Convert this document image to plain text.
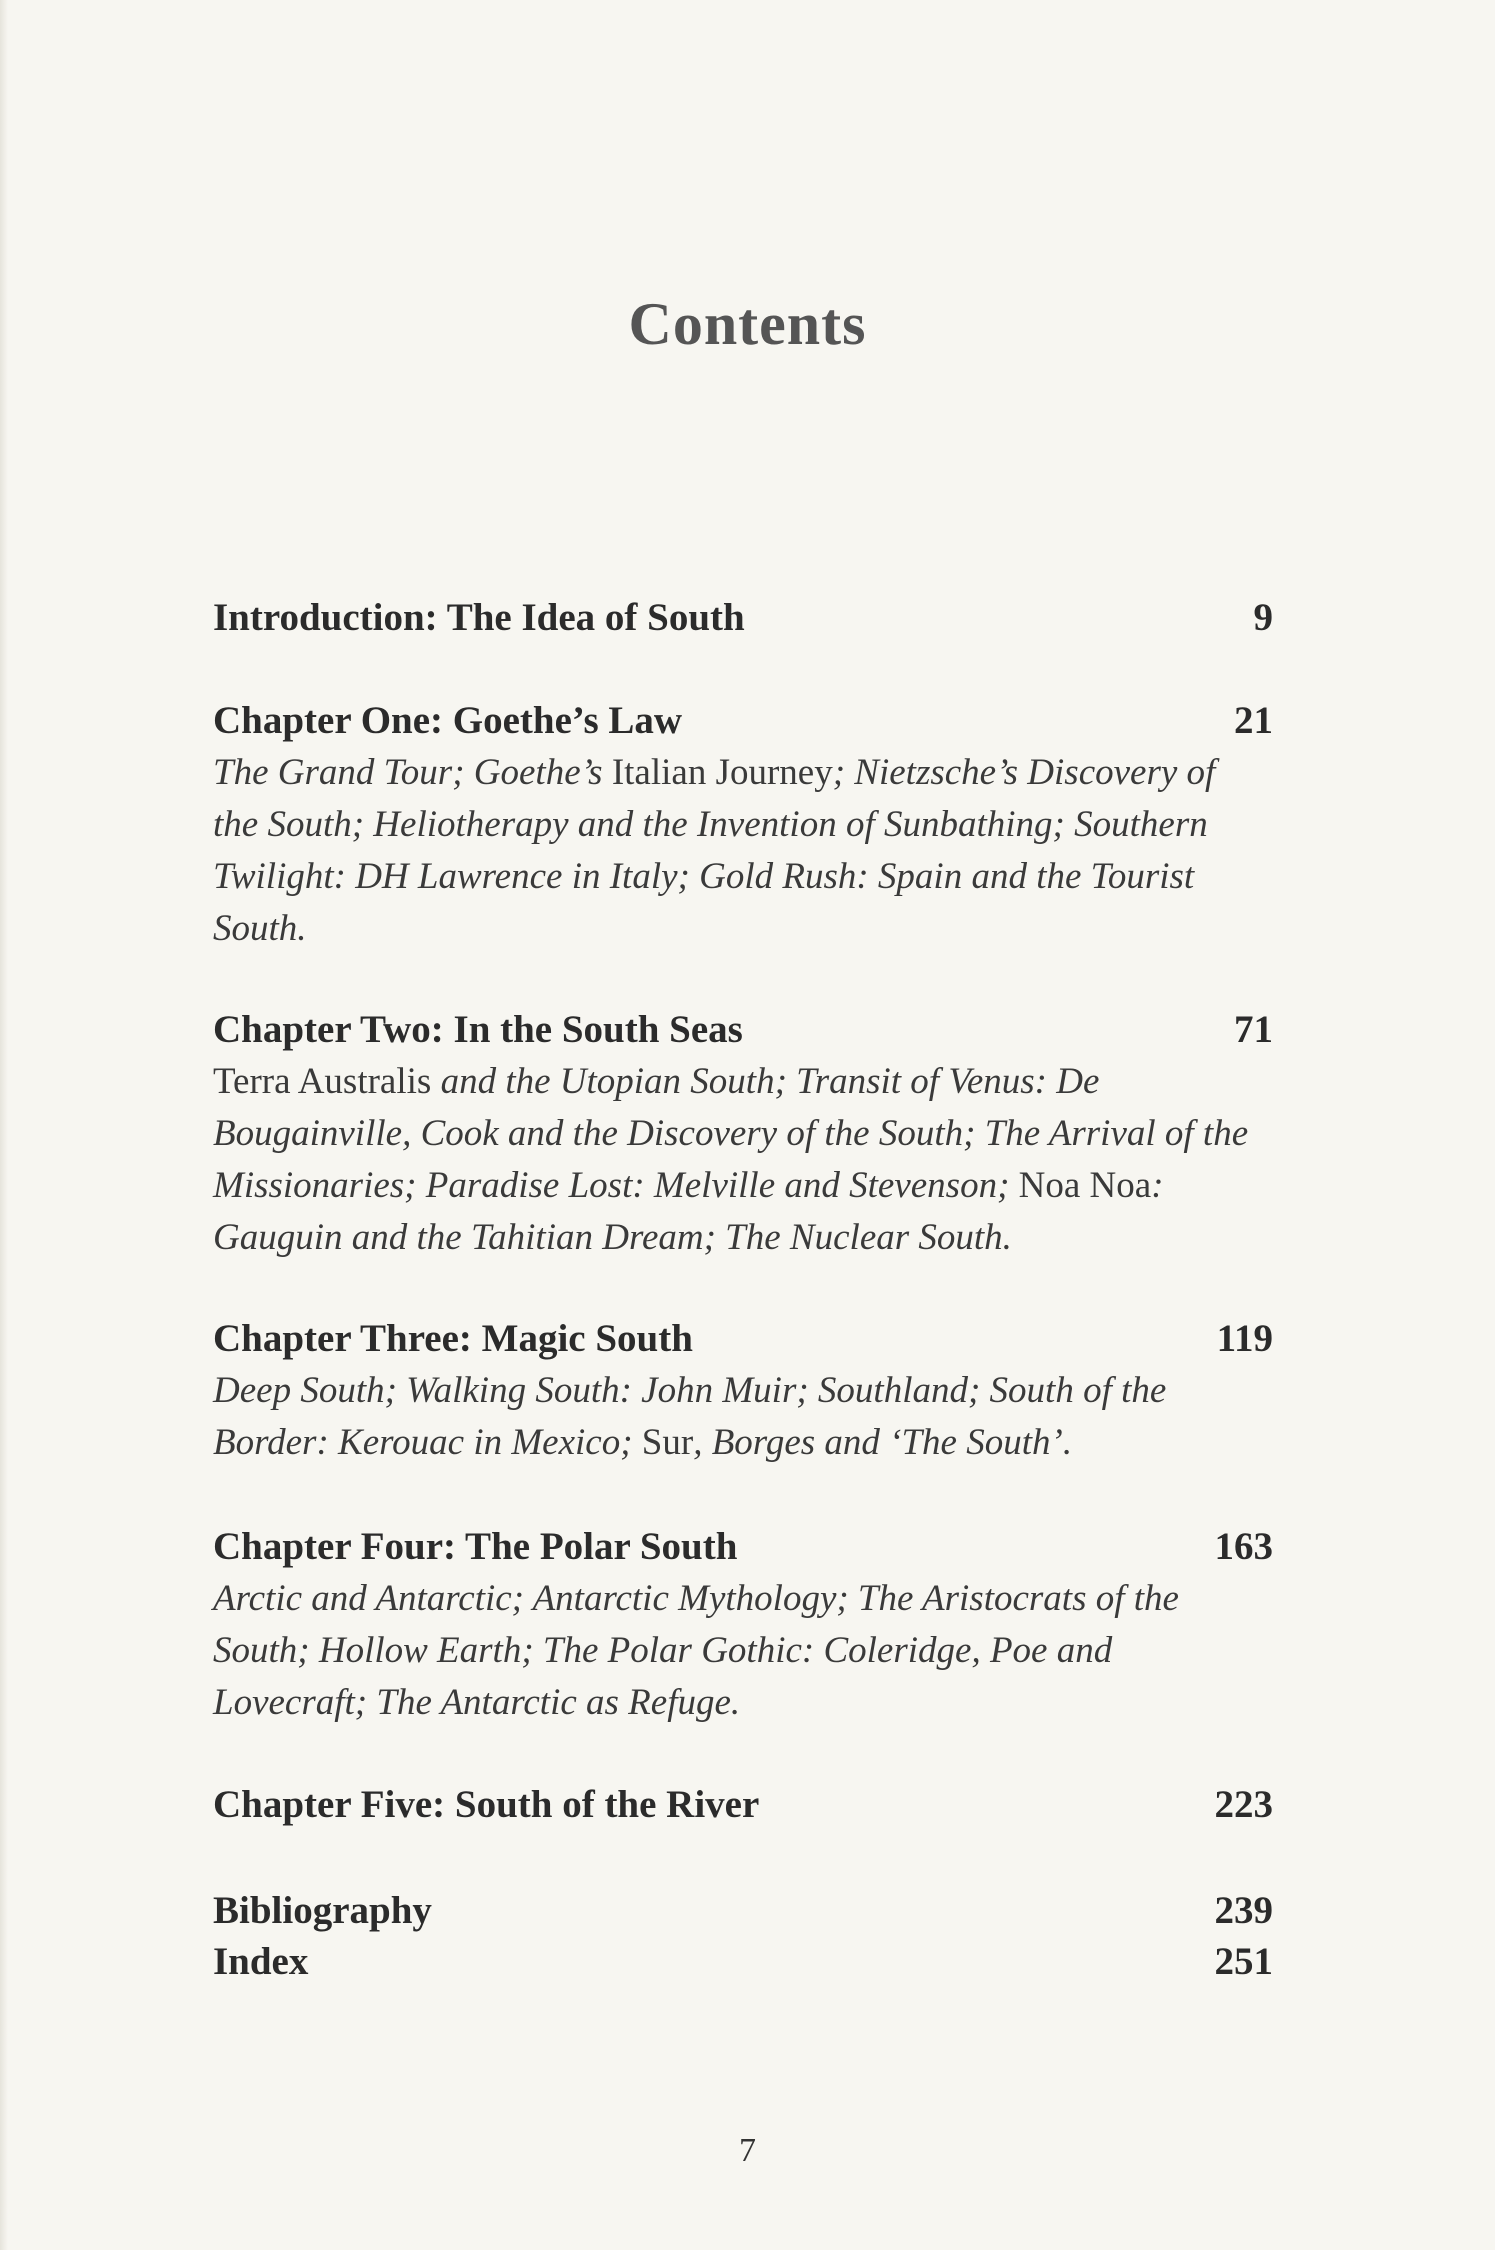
Contents
Introduction: The Idea of South	9
Chapter One: Goethe’s Law	21
The Grand Tour; Goethe’s Italian Journey; Nietzsche’s Discovery of the South; Heliotherapy and the Invention of Sunbathing; Southern Twilight: DH Lawrence in Italy; Gold Rush: Spain and the Tourist South.
Chapter Two: In the South Seas	71
Terra Australis and the Utopian South; Transit of Venus: De Bougainville, Cook and the Discovery of the South; The Arrival of the Missionaries; Paradise Lost: Melville and Stevenson; Noa Noa: Gauguin and the Tahitian Dream; The Nuclear South.
Chapter Three: Magic South	119
Deep South; Walking South: John Muir; Southland; South of the Border: Kerouac in Mexico; Sur, Borges and ‘The South’.
Chapter Four: The Polar South	163
Arctic and Antarctic; Antarctic Mythology; The Aristocrats of the South; Hollow Earth; The Polar Gothic: Coleridge, Poe and Lovecraft; The Antarctic as Refuge.
Chapter Five: South of the River	223
Bibliography	239
Index	251
7
